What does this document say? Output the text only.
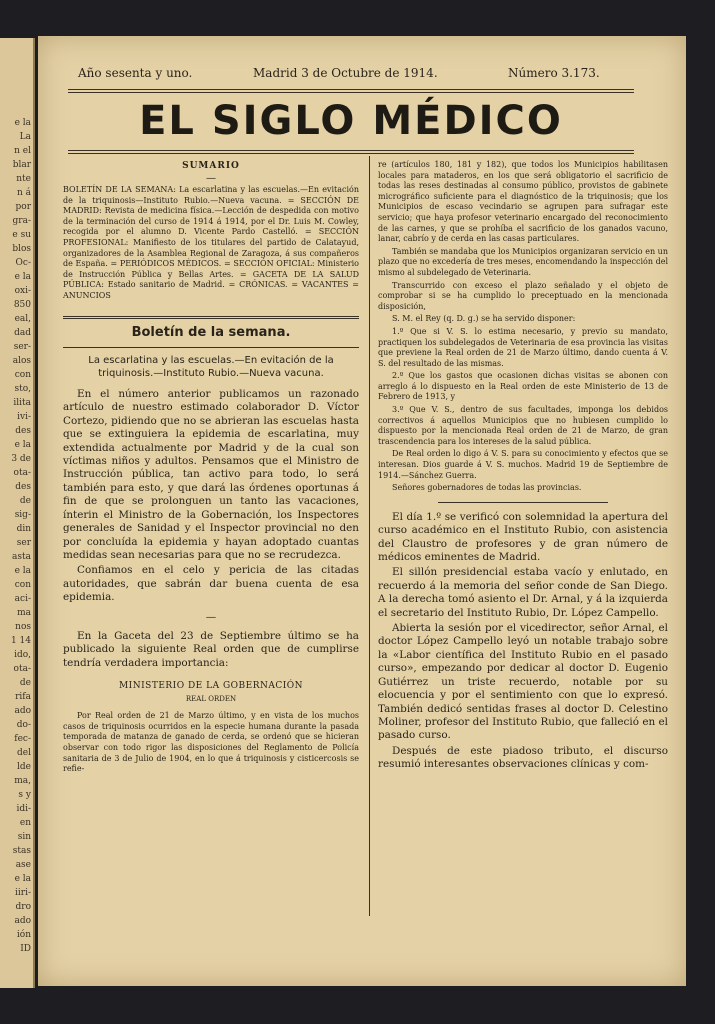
e la
La
n el
blar
nte
n á
por
gra-
e su
blos
Oc-
e la
oxi-
850
eal,
dad
ser-
alos
con
sto,
ilita
ivi-
des
e la
3 de
ota-
des
de
sig-
din
ser
asta
e la
con
aci-
ma
nos
1 14
ido,
ota-
de
rifa
ado
do-
fec-
del
lde
ma,
s y
idi-
en
sin
stas
ase
e la
iiri-
dro
ado
ión
ID
Año sesenta y uno.	Madrid 3 de Octubre de 1914.	Número 3.173.
EL SIGLO MÉDICO
SUMARIO
—
BOLETÍN DE LA SEMANA: La escarlatina y las escuelas.—En evitación de la triquinosis—Instituto Rubio.—Nueva vacuna. = SECCIÓN DE MADRID: Revista de medicina física.—Lección de despedida con motivo de la terminación del curso de 1914 á 1914, por el Dr. Luis M. Cowley, recogida por el alumno D. Vicente Pardo Castelló. = SECCIÓN PROFESIONAL: Manifiesto de los titulares del partido de Calatayud, organizadores de la Asamblea Regional de Zaragoza, á sus compañeros de España. = PERIÓDICOS MÉDICOS. = SECCIÓN OFICIAL: Ministerio de Instrucción Pública y Bellas Artes. = GACETA DE LA SALUD PÚBLICA: Estado sanitario de Madrid. = CRÓNICAS. = VACANTES = ANUNCIOS
Boletín de la semana.
La escarlatina y las escuelas.—En evitación de la triquinosis.—Instituto Rubio.—Nueva vacuna.

En el número anterior publicamos un razonado artículo de nuestro estimado colaborador D. Víctor Cortezo, pidiendo que no se abrieran las escuelas hasta que se extinguiera la epidemia de escarlatina, muy extendida actualmente por Madrid y de la cual son víctimas niños y adultos. Pensamos que el Ministro de Instrucción pública, tan activo para todo, lo será también para esto, y que dará las órdenes oportunas á fin de que se prolonguen un tanto las vacaciones, ínterin el Ministro de la Gobernación, los Inspectores generales de Sanidad y el Inspector provincial no den por concluída la epidemia y hayan adoptado cuantas medidas sean necesarias para que no se recrudezca.

Confiamos en el celo y pericia de las citadas autoridades, que sabrán dar buena cuenta de esa epidemia.

—

En la Gaceta del 23 de Septiembre último se ha publicado la siguiente Real orden que de cumplirse tendría verdadera importancia:

MINISTERIO DE LA GOBERNACIÓN
REAL ORDEN

Por Real orden de 21 de Marzo último, y en vista de los muchos casos de triquinosis ocurridos en la especie humana durante la pasada temporada de matanza de ganado de cerda, se ordenó que se hicieran observar con todo rigor las disposiciones del Reglamento de Policía sanitaria de 3 de Julio de 1904, en lo que á triquinosis y cisticercosis se refie-

re (artículos 180, 181 y 182), que todos los Municipios habilitasen locales para mataderos, en los que será obligatorio el sacrificio de todas las reses destinadas al consumo público, provistos de gabinete micrográfico suficiente para el diagnóstico de la triquinosis; que los Municipios de escaso vecindario se agrupen para sufragar este servicio; que haya profesor veterinario encargado del reconocimiento de las carnes, y que se prohíba el sacrificio de los ganados vacuno, lanar, cabrío y de cerda en las casas particulares.

También se mandaba que los Municipios organizaran servicio en un plazo que no excedería de tres meses, encomendando la inspección del mismo al subdelegado de Veterinaria.

Transcurrido con exceso el plazo señalado y el objeto de comprobar si se ha cumplido lo preceptuado en la mencionada disposición,

S. M. el Rey (q. D. g.) se ha servido disponer:

1.º Que si V. S. lo estima necesario, y previo su mandato, practiquen los subdelegados de Veterinaria de esa provincia las visitas que previene la Real orden de 21 de Marzo último, dando cuenta á V. S. del resultado de las mismas.

2.º Que los gastos que ocasionen dichas visitas se abonen con arreglo á lo dispuesto en la Real orden de este Ministerio de 13 de Febrero de 1913, y

3.º Que V. S., dentro de sus facultades, imponga los debidos correctivos á aquellos Municipios que no hubiesen cumplido lo dispuesto por la mencionada Real orden de 21 de Marzo, de gran trascendencia para los intereses de la salud pública.

De Real orden lo digo á V. S. para su conocimiento y efectos que se interesan. Dios guarde á V. S. muchos. Madrid 19 de Septiembre de 1914.—Sánchez Guerra.

Señores gobernadores de todas las provincias.

El día 1.º se verificó con solemnidad la apertura del curso académico en el Instituto Rubio, con asistencia del Claustro de profesores y de gran número de médicos eminentes de Madrid.

El sillón presidencial estaba vacío y enlutado, en recuerdo á la memoria del señor conde de San Diego. A la derecha tomó asiento el Dr. Arnal, y á la izquierda el secretario del Instituto Rubio, Dr. López Campello.

Abierta la sesión por el vicedirector, señor Arnal, el doctor López Campello leyó un notable trabajo sobre la «Labor científica del Instituto Rubio en el pasado curso», empezando por dedicar al doctor D. Eugenio Gutiérrez un triste recuerdo, notable por su elocuencia y por el sentimiento con que lo expresó. También dedicó sentidas frases al doctor D. Celestino Moliner, profesor del Instituto Rubio, que falleció en el pasado curso.

Después de este piadoso tributo, el discurso resumió interesantes observaciones clínicas y com-
